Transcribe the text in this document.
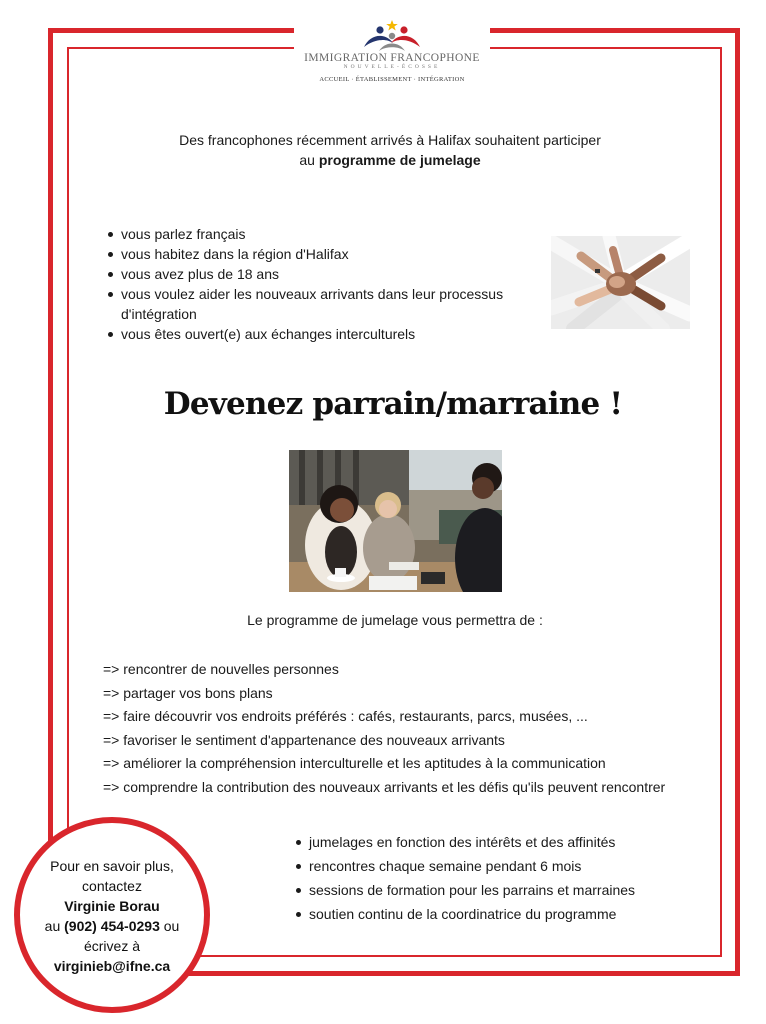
IMMIGRATION FRANCOPHONE
NOUVELLE-ÉCOSSE
ACCUEIL · ÉTABLISSEMENT · INTÉGRATION
Des francophones récemment arrivés à Halifax souhaitent participer
au programme de jumelage
vous parlez français
vous habitez dans la région d'Halifax
vous avez plus de 18 ans
vous voulez aider les nouveaux arrivants dans leur processus d'intégration
vous êtes ouvert(e) aux échanges interculturels
Devenez parrain/marraine !
Le programme de jumelage vous permettra de :
=> rencontrer de nouvelles personnes
=> partager vos bons plans
=> faire découvrir vos endroits préférés : cafés, restaurants, parcs, musées, ...
=> favoriser le sentiment d'appartenance des nouveaux arrivants
=> améliorer la compréhension interculturelle et les aptitudes à la communication
=> comprendre la contribution des nouveaux arrivants et les défis qu'ils peuvent rencontrer
jumelages en fonction des intérêts et des affinités
rencontres chaque semaine pendant 6 mois
sessions de formation pour les parrains et marraines
soutien continu de la coordinatrice du programme
Pour en savoir plus,
contactez
Virginie Borau
au (902) 454-0293 ou
écrivez à
virginieb@ifne.ca
